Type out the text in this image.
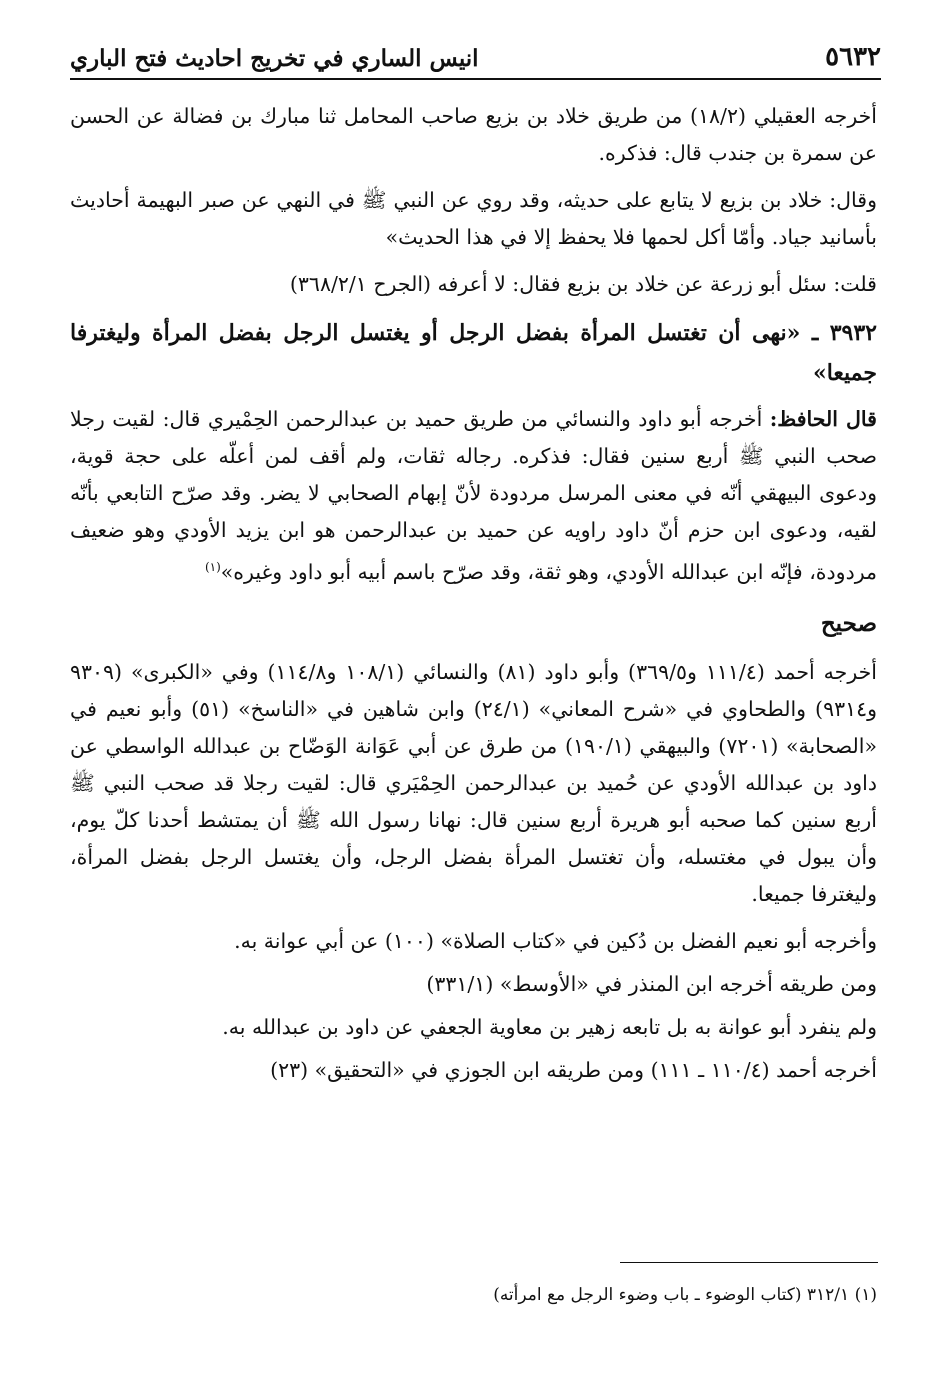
٥٦٣٢
انيس الساري في تخريج احاديث فتح الباري

أخرجه العقيلي (١٨/٢) من طريق خلاد بن بزيع صاحب المحامل ثنا مبارك بن فضالة عن الحسن عن سمرة بن جندب قال: فذكره.

وقال: خلاد بن بزيع لا يتابع على حديثه، وقد روي عن النبي ﷺ في النهي عن صبر البهيمة أحاديث بأسانيد جياد. وأمّا أكل لحمها فلا يحفظ إلا في هذا الحديث»

قلت: سئل أبو زرعة عن خلاد بن بزيع فقال: لا أعرفه (الجرح ٣٦٨/٢/١)

٣٩٣٢ ـ «نهى أن تغتسل المرأة بفضل الرجل أو يغتسل الرجل بفضل المرأة وليغترفا جميعا»

قال الحافظ: أخرجه أبو داود والنسائي من طريق حميد بن عبدالرحمن الحِمْيري قال: لقيت رجلا صحب النبي ﷺ أربع سنين فقال: فذكره. رجاله ثقات، ولم أقف لمن أعلّه على حجة قوية، ودعوى البيهقي أنّه في معنى المرسل مردودة لأنّ إبهام الصحابي لا يضر. وقد صرّح التابعي بأنّه لقيه، ودعوى ابن حزم أنّ داود راويه عن حميد بن عبدالرحمن هو ابن يزيد الأودي وهو ضعيف مردودة، فإنّه ابن عبدالله الأودي، وهو ثقة، وقد صرّح باسم أبيه أبو داود وغيره»$^{(١)}$

صحيح

أخرجه أحمد (١١١/٤ و٣٦٩/٥) وأبو داود (٨١) والنسائي (١٠٨/١ و١١٤/٨) وفي «الكبرى» (٩٣٠٩ و٩٣١٤) والطحاوي في «شرح المعاني» (٢٤/١) وابن شاهين في «الناسخ» (٥١) وأبو نعيم في «الصحابة» (٧٢٠١) والبيهقي (١٩٠/١) من طرق عن أبي عَوَانة الوَضّاح بن عبدالله الواسطي عن داود بن عبدالله الأودي عن حُميد بن عبدالرحمن الحِمْيَري قال: لقيت رجلا قد صحب النبي ﷺ أربع سنين كما صحبه أبو هريرة أربع سنين قال: نهانا رسول الله ﷺ أن يمتشط أحدنا كلّ يوم، وأن يبول في مغتسله، وأن تغتسل المرأة بفضل الرجل، وأن يغتسل الرجل بفضل المرأة، وليغترفا جميعا.

وأخرجه أبو نعيم الفضل بن دُكين في «كتاب الصلاة» (١٠٠) عن أبي عوانة به.

ومن طريقه أخرجه ابن المنذر في «الأوسط» (٣٣١/١)

ولم ينفرد أبو عوانة به بل تابعه زهير بن معاوية الجعفي عن داود بن عبدالله به.

أخرجه أحمد (١١٠/٤ ـ ١١١) ومن طريقه ابن الجوزي في «التحقيق» (٢٣)

(١) ٣١٢/١ (كتاب الوضوء ـ باب وضوء الرجل مع امرأته)
